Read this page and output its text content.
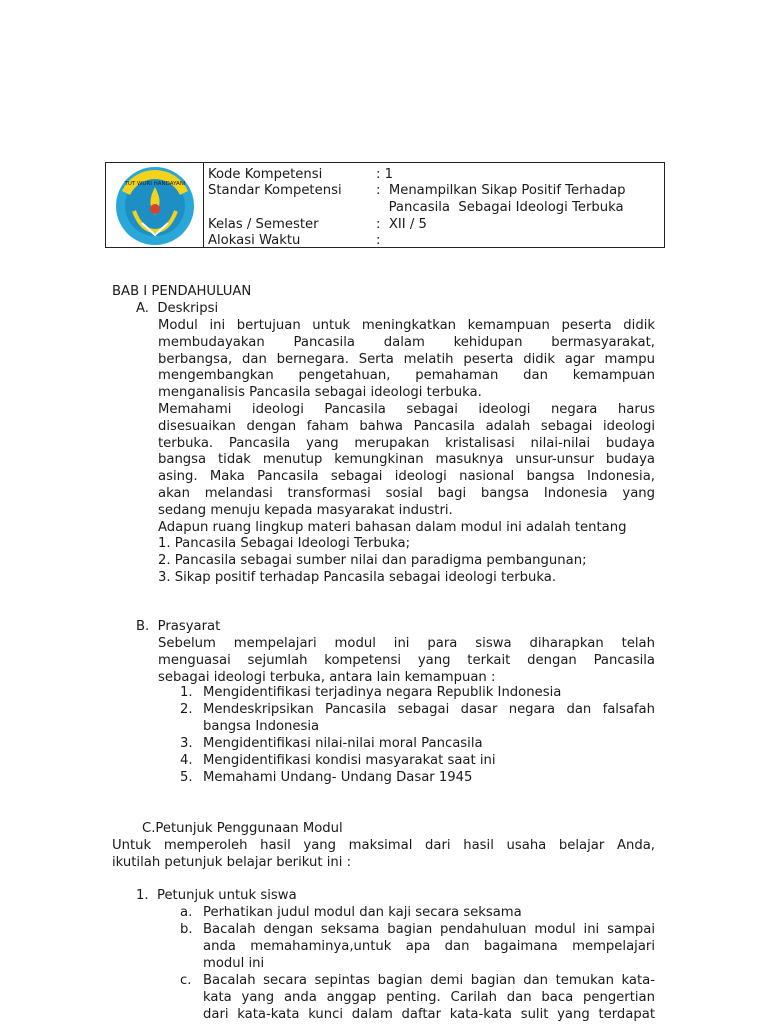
TUT WURI HANDAYANI
Kode Kompetensi	: 1
Standar Kompetensi	:  Menampilkan Sikap Positif Terhadap
Pancasila  Sebagai Ideologi Terbuka
Kelas / Semester	:  XII / 5
Alokasi Waktu	:
BAB I PENDAHULUAN
A.  Deskripsi
Modul ini bertujuan untuk meningkatkan kemampuan peserta didik
membudayakan Pancasila dalam kehidupan bermasyarakat,
berbangsa, dan bernegara. Serta melatih peserta didik agar mampu
mengembangkan pengetahuan, pemahaman dan kemampuan
menganalisis Pancasila sebagai ideologi terbuka.
Memahami ideologi Pancasila sebagai ideologi negara harus
disesuaikan dengan faham bahwa Pancasila adalah sebagai ideologi
terbuka. Pancasila yang merupakan kristalisasi nilai-nilai budaya
bangsa tidak menutup kemungkinan masuknya unsur-unsur budaya
asing. Maka Pancasila sebagai ideologi nasional bangsa Indonesia,
akan melandasi transformasi sosial bagi bangsa Indonesia yang
sedang menuju kepada masyarakat industri.
Adapun ruang lingkup materi bahasan dalam modul ini adalah tentang
1. Pancasila Sebagai Ideologi Terbuka;
2. Pancasila sebagai sumber nilai dan paradigma pembangunan;
3. Sikap positif terhadap Pancasila sebagai ideologi terbuka.
B.  Prasyarat
Sebelum mempelajari modul ini para siswa diharapkan telah
menguasai sejumlah kompetensi yang terkait dengan Pancasila
sebagai ideologi terbuka, antara lain kemampuan :
1. Mengidentifikasi terjadinya negara Republik Indonesia
2. Mendeskripsikan Pancasila sebagai dasar negara dan falsafah
bangsa Indonesia
3. Mengidentifikasi nilai-nilai moral Pancasila
4. Mengidentifikasi kondisi masyarakat saat ini
5. Memahami Undang- Undang Dasar 1945
C.Petunjuk Penggunaan Modul
Untuk memperoleh hasil yang maksimal dari hasil usaha belajar Anda,
ikutilah petunjuk belajar berikut ini :
1.  Petunjuk untuk siswa
a. Perhatikan judul modul dan kaji secara seksama
b. Bacalah dengan seksama bagian pendahuluan modul ini sampai
anda memahaminya,untuk apa dan bagaimana mempelajari
modul ini
c. Bacalah secara sepintas bagian demi bagian dan temukan kata-
kata yang anda anggap penting. Carilah dan baca pengertian
dari kata-kata kunci dalam daftar kata-kata sulit yang terdapat
